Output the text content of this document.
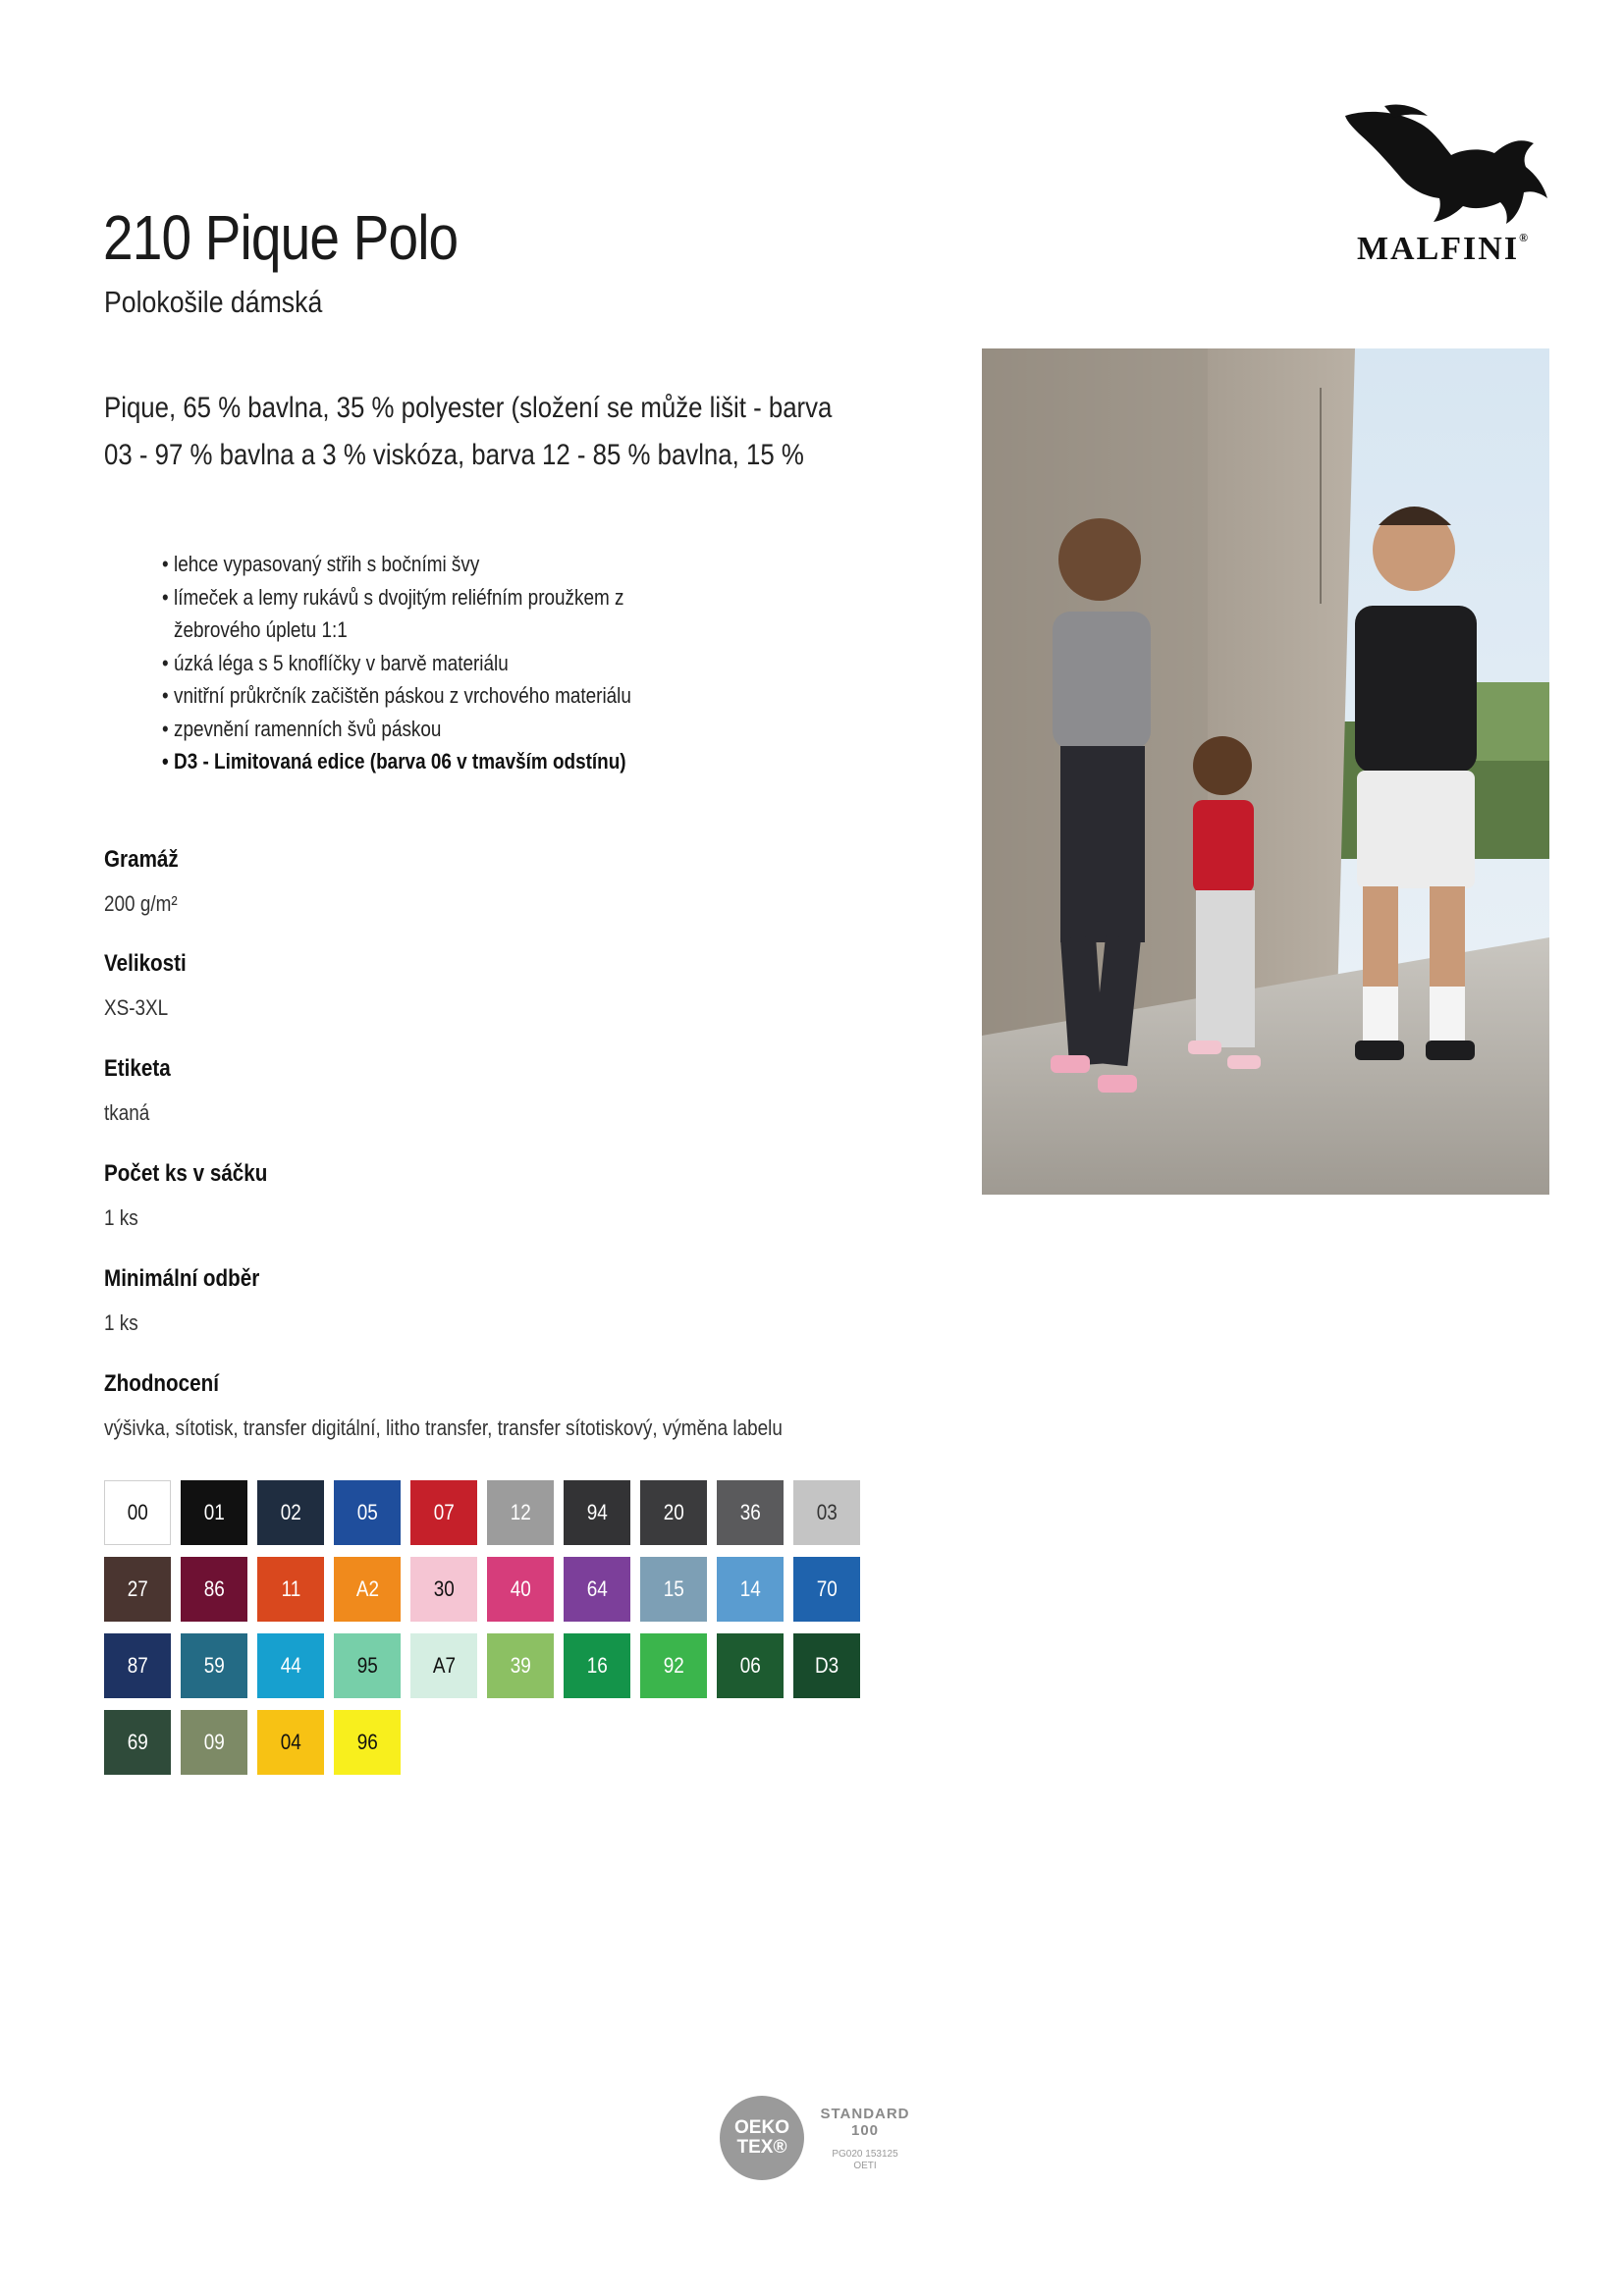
210 Pique Polo
Polokošile dámská
MALFINI®
Pique, 65 % bavlna, 35 % polyester (složení se může lišit - barva
03 - 97 % bavlna a 3 % viskóza, barva 12 - 85 % bavlna, 15 %
• lehce vypasovaný střih s bočními švy
• límeček a lemy rukávů s dvojitým reliéfním proužkem z
žebrového úpletu 1:1
• úzká léga s 5 knoflíčky v barvě materiálu
• vnitřní průkrčník začištěn páskou z vrchového materiálu
• zpevnění ramenních švů páskou
• D3 - Limitovaná edice (barva 06 v tmavším odstínu)
Gramáž
200 g/m²
Velikosti
XS-3XL
Etiketa
tkaná
Počet ks v sáčku
1 ks
Minimální odběr
1 ks
Zhodnocení
výšivka, sítotisk, transfer digitální, litho transfer, transfer sítotiskový, výměna labelu
00	01	02	05	07	12	94	20	36	03
27	86	11	A2	30	40	64	15	14	70
87	59	44	95	A7	39	16	92	06	D3
69	09	04	96
OEKO
TEX®
STANDARD
100
PG020 153125
OETI
